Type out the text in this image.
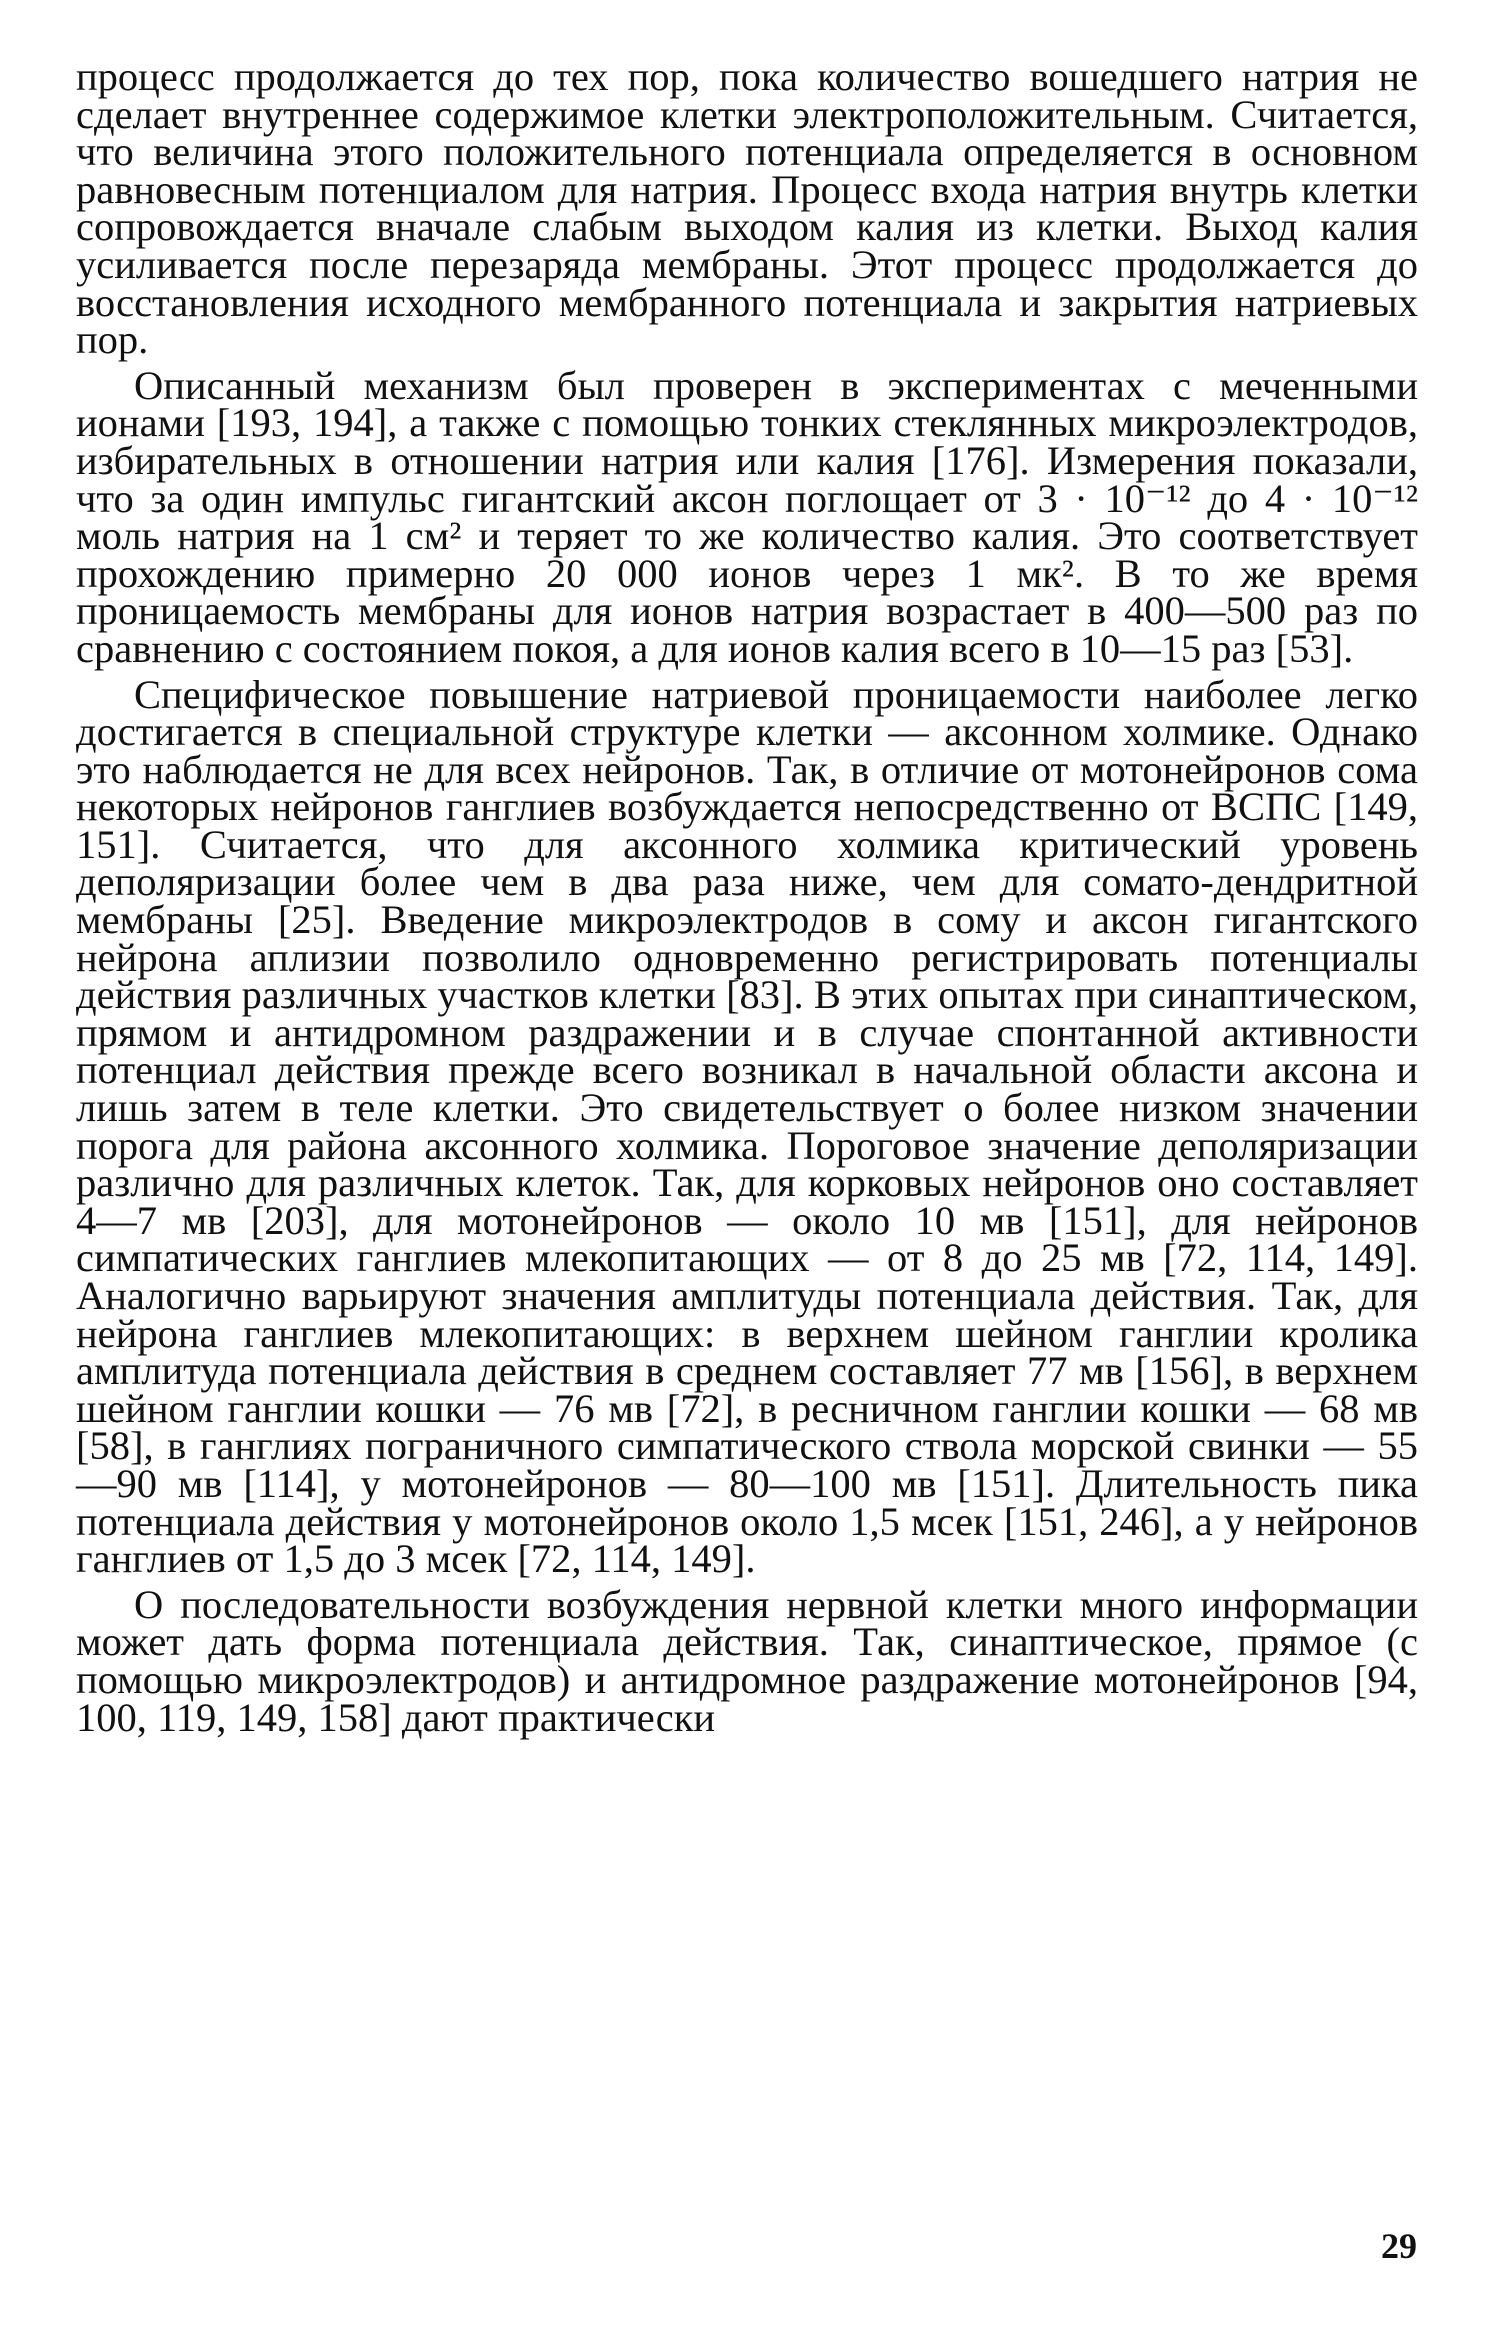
процесс продолжается до тех пор, пока количество вошедшего натрия не сделает внутреннее содержимое клетки электроположительным. Считается, что величина этого положительного потенциала определяется в основном равновесным потенциалом для натрия. Процесс входа натрия внутрь клетки сопровождается вначале слабым выходом калия из клетки. Выход калия усиливается после перезаряда мембраны. Этот процесс продолжается до восстановления исходного мембранного потенциала и закрытия натриевых пор.

Описанный механизм был проверен в экспериментах с меченными ионами [193, 194], а также с помощью тонких стеклянных микроэлектродов, избирательных в отношении натрия или калия [176]. Измерения показали, что за один импульс гигантский аксон поглощает от 3 · 10⁻¹² до 4 · 10⁻¹² моль натрия на 1 см² и теряет то же количество калия. Это соответствует прохождению примерно 20 000 ионов через 1 мк². В то же время проницаемость мембраны для ионов натрия возрастает в 400—500 раз по сравнению с состоянием покоя, а для ионов калия всего в 10—15 раз [53].

Специфическое повышение натриевой проницаемости наиболее легко достигается в специальной структуре клетки — аксонном холмике. Однако это наблюдается не для всех нейронов. Так, в отличие от мотонейронов сома некоторых нейронов ганглиев возбуждается непосредственно от ВСПС [149, 151]. Считается, что для аксонного холмика критический уровень деполяризации более чем в два раза ниже, чем для сомато-дендритной мембраны [25]. Введение микроэлектродов в сому и аксон гигантского нейрона аплизии позволило одновременно регистрировать потенциалы действия различных участков клетки [83]. В этих опытах при синаптическом, прямом и антидромном раздражении и в случае спонтанной активности потенциал действия прежде всего возникал в начальной области аксона и лишь затем в теле клетки. Это свидетельствует о более низком значении порога для района аксонного холмика. Пороговое значение деполяризации различно для различных клеток. Так, для корковых нейронов оно составляет 4—7 мв [203], для мотонейронов — около 10 мв [151], для нейронов симпатических ганглиев млекопитающих — от 8 до 25 мв [72, 114, 149]. Аналогично варьируют значения амплитуды потенциала действия. Так, для нейрона ганглиев млекопитающих: в верхнем шейном ганглии кролика амплитуда потенциала действия в среднем составляет 77 мв [156], в верхнем шейном ганглии кошки — 76 мв [72], в ресничном ганглии кошки — 68 мв [58], в ганглиях пограничного симпатического ствола морской свинки — 55—90 мв [114], у мотонейронов — 80—100 мв [151]. Длительность пика потенциала действия у мотонейронов около 1,5 мсек [151, 246], а у нейронов ганглиев от 1,5 до 3 мсек [72, 114, 149].

О последовательности возбуждения нервной клетки много информации может дать форма потенциала действия. Так, синаптическое, прямое (с помощью микроэлектродов) и антидромное раздражение мотонейронов [94, 100, 119, 149, 158] дают практически

29
